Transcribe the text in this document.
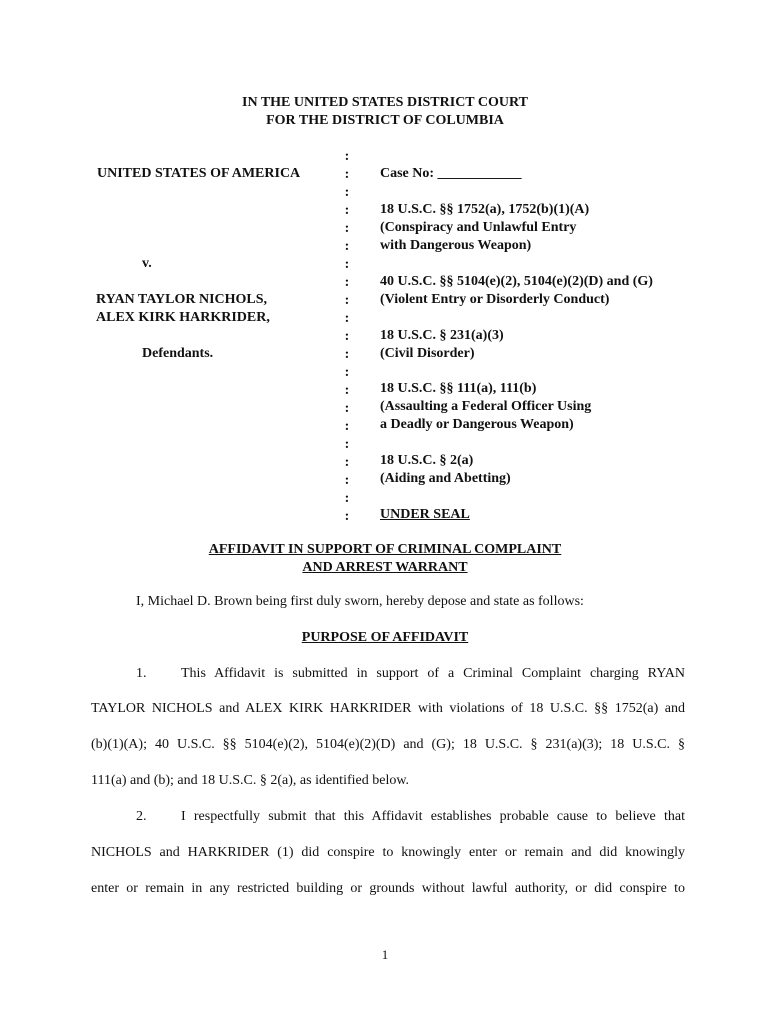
IN THE UNITED STATES DISTRICT COURT
FOR THE DISTRICT OF COLUMBIA
UNITED STATES OF AMERICA
v.
RYAN TAYLOR NICHOLS,
ALEX KIRK HARKRIDER,
Defendants.
:
:
:
:
:
:
:
:
:
:
:
:
:
:
:
:
:
:
:
:
:
Case No: ____________
18 U.S.C. §§ 1752(a), 1752(b)(1)(A)
(Conspiracy and Unlawful Entry
with Dangerous Weapon)
40 U.S.C. §§ 5104(e)(2), 5104(e)(2)(D) and (G)
(Violent Entry or Disorderly Conduct)
18 U.S.C. § 231(a)(3)
(Civil Disorder)
18 U.S.C. §§ 111(a), 111(b)
(Assaulting a Federal Officer Using
a Deadly or Dangerous Weapon)
18 U.S.C. § 2(a)
(Aiding and Abetting)
UNDER SEAL
AFFIDAVIT IN SUPPORT OF CRIMINAL COMPLAINT
AND ARREST WARRANT
I, Michael D. Brown being first duly sworn, hereby depose and state as follows:
PURPOSE OF AFFIDAVIT
1. This Affidavit is submitted in support of a Criminal Complaint charging RYAN
TAYLOR NICHOLS and ALEX KIRK HARKRIDER with violations of 18 U.S.C. §§ 1752(a) and
(b)(1)(A); 40 U.S.C. §§ 5104(e)(2), 5104(e)(2)(D) and (G); 18 U.S.C. § 231(a)(3); 18 U.S.C. §
111(a) and (b); and 18 U.S.C. § 2(a), as identified below.
2. I respectfully submit that this Affidavit establishes probable cause to believe that
NICHOLS and HARKRIDER (1) did conspire to knowingly enter or remain and did knowingly
enter or remain in any restricted building or grounds without lawful authority, or did conspire to
1
